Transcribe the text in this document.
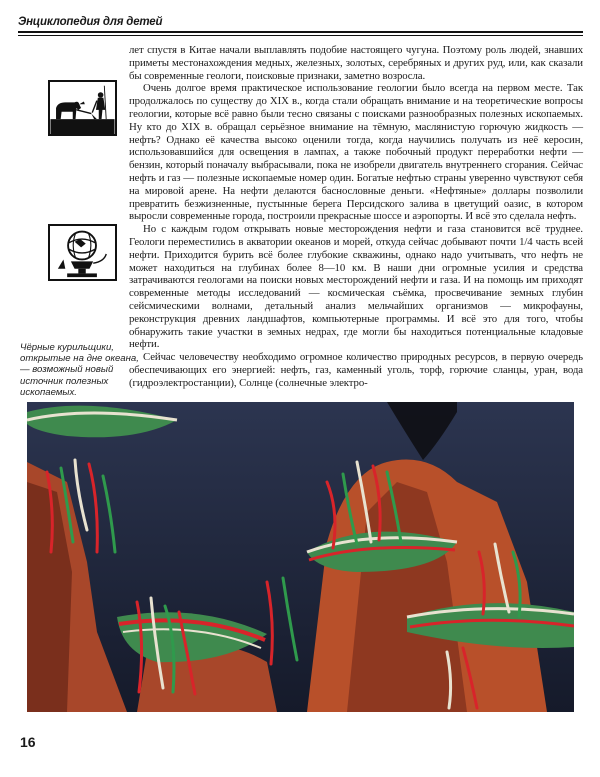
Энциклопедия для детей
Чёрные курильщики, открытые на дне океана, — возможный новый источник полезных ископаемых.

лет спустя в Китае начали выплавлять подобие настоящего чугуна. Поэтому роль людей, знавших приметы местонахождения медных, железных, золотых, серебряных и других руд, или, как сказали бы современные геологи, поисковые признаки, заметно возросла.

Очень долгое время практическое использование геологии было всегда на первом месте. Так продолжалось по существу до XIX в., когда стали обращать внимание и на теоретические вопросы геологии, которые всё равно были тесно связаны с поисками разнообразных полезных ископаемых. Ну кто до XIX в. обращал серьёзное внимание на тёмную, маслянистую горючую жидкость — нефть? Однако её качества высоко оценили тогда, когда научились получать из неё керосин, использовавшийся для освещения в лампах, а также побочный продукт переработки нефти — бензин, который поначалу выбрасывали, пока не изобрели двигатель внутреннего сгорания. Сейчас нефть и газ — полезные ископаемые номер один. Богатые нефтью страны уверенно чувствуют себя на мировой арене. На нефти делаются баснословные деньги. «Нефтяные» доллары позволили превратить безжизненные, пустынные берега Персидского залива в цветущий оазис, в котором выросли современные города, построили прекрасные шоссе и аэропорты. И всё это сделала нефть.

Но с каждым годом открывать новые месторождения нефти и газа становится всё труднее. Геологи переместились в акватории океанов и морей, откуда сейчас добывают почти 1/4 часть всей нефти. Приходится бурить всё более глубокие скважины, однако надо учитывать, что нефть не может находиться на глубинах более 8—10 км. В наши дни огромные усилия и средства затрачиваются геологами на поиски новых месторождений нефти и газа. И на помощь им приходят современные методы исследований — космическая съёмка, просвечивание земных глубин сейсмическими волнами, детальный анализ мельчайших организмов — микрофауны, реконструкция древних ландшафтов, компьютерные программы. И всё это для того, чтобы обнаружить такие участки в земных недрах, где могли бы находиться потенциальные кладовые нефти.

Сейчас человечеству необходимо огромное количество природных ресурсов, в первую очередь обеспечивающих его энергией: нефть, газ, каменный уголь, торф, горючие сланцы, уран, вода (гидроэлектростанции), Солнце (солнечные электро-

16
